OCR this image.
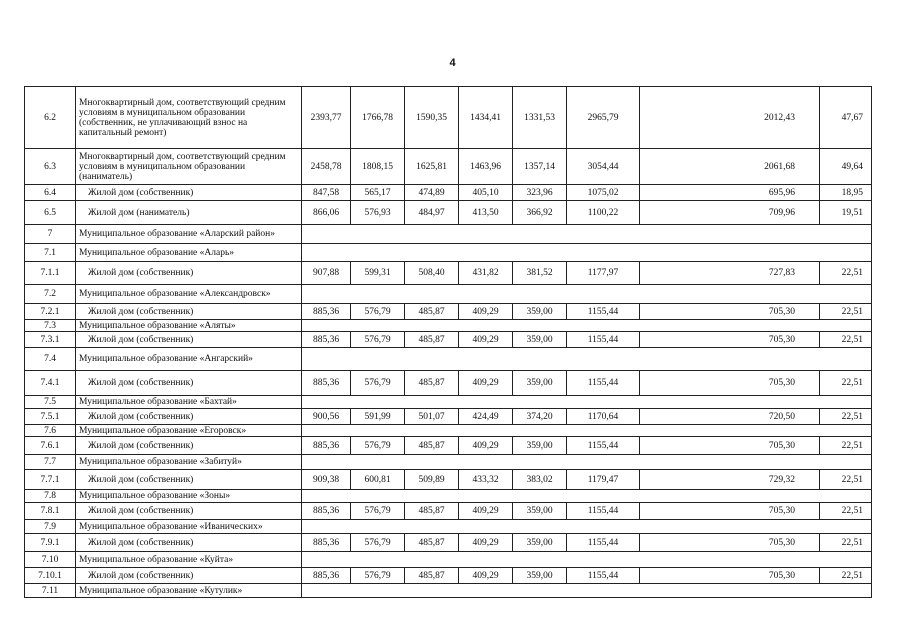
4
6.2	Многоквартирный дом, соответствующий средним условиям в муниципальном образовании (собственник, не уплачивающий взнос на капитальный ремонт)	2393,77	1766,78	1590,35	1434,41	1331,53	2965,79	2012,43	47,67
6.3	Многоквартирный дом, соответствующий средним условиям в муниципальном образовании (наниматель)	2458,78	1808,15	1625,81	1463,96	1357,14	3054,44	2061,68	49,64
6.4	Жилой дом (собственник)	847,58	565,17	474,89	405,10	323,96	1075,02	695,96	18,95
6.5	Жилой дом (наниматель)	866,06	576,93	484,97	413,50	366,92	1100,22	709,96	19,51
7	Муниципальное образование «Аларский район»								
7.1	Муниципальное образование «Аларь»								
7.1.1	Жилой дом (собственник)	907,88	599,31	508,40	431,82	381,52	1177,97	727,83	22,51
7.2	Муниципальное образование «Александровск»								
7.2.1	Жилой дом (собственник)	885,36	576,79	485,87	409,29	359,00	1155,44	705,30	22,51
7.3	Муниципальное образование «Аляты»								
7.3.1	Жилой дом (собственник)	885,36	576,79	485,87	409,29	359,00	1155,44	705,30	22,51
7.4	Муниципальное образование «Ангарский»								
7.4.1	Жилой дом (собственник)	885,36	576,79	485,87	409,29	359,00	1155,44	705,30	22,51
7.5	Муниципальное образование «Бахтай»								
7.5.1	Жилой дом (собственник)	900,56	591,99	501,07	424,49	374,20	1170,64	720,50	22,51
7.6	Муниципальное образование «Егоровск»								
7.6.1	Жилой дом (собственник)	885,36	576,79	485,87	409,29	359,00	1155,44	705,30	22,51
7.7	Муниципальное образование «Забитуй»								
7.7.1	Жилой дом (собственник)	909,38	600,81	509,89	433,32	383,02	1179,47	729,32	22,51
7.8	Муниципальное образование «Зоны»								
7.8.1	Жилой дом (собственник)	885,36	576,79	485,87	409,29	359,00	1155,44	705,30	22,51
7.9	Муниципальное образование «Иванических»								
7.9.1	Жилой дом (собственник)	885,36	576,79	485,87	409,29	359,00	1155,44	705,30	22,51
7.10	Муниципальное образование «Куйта»								
7.10.1	Жилой дом (собственник)	885,36	576,79	485,87	409,29	359,00	1155,44	705,30	22,51
7.11	Муниципальное образование «Кутулик»								
